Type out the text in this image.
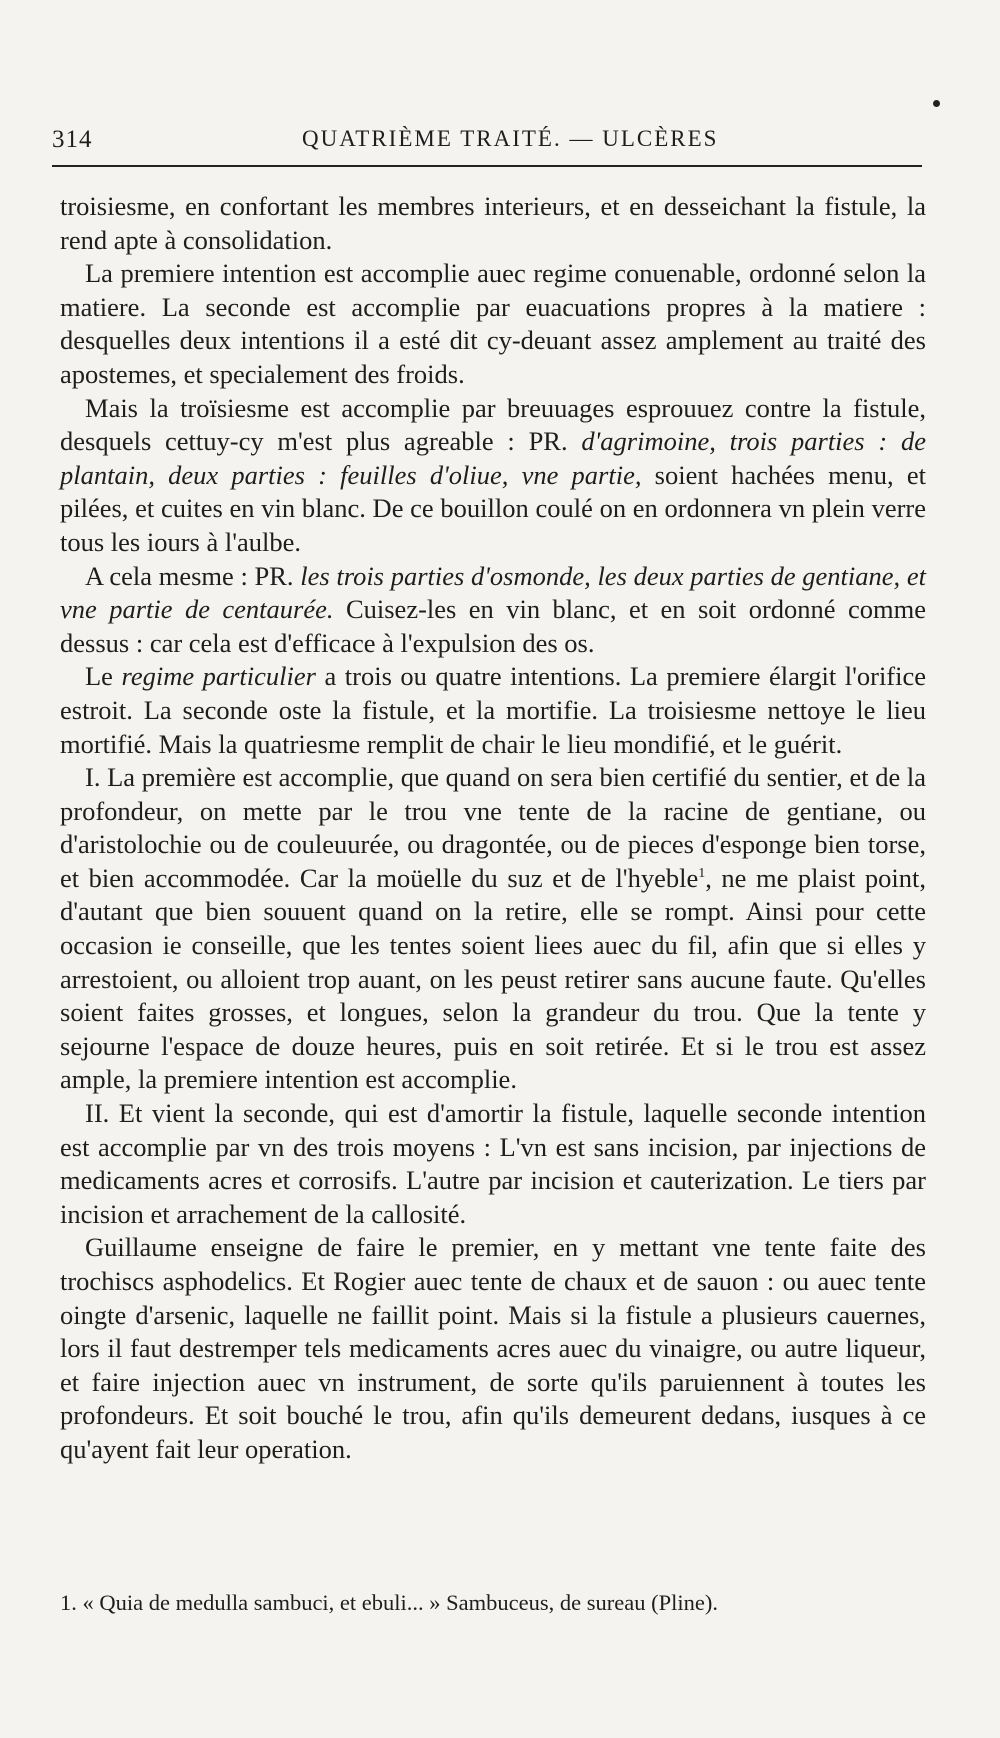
314	QUATRIÈME TRAITÉ. — ULCÈRES

troisiesme, en confortant les membres interieurs, et en desseichant la fistule, la rend apte à consolidation.

La premiere intention est accomplie auec regime conuenable, ordonné selon la matiere. La seconde est accomplie par euacuations propres à la matiere : desquelles deux intentions il a esté dit cy-deuant assez amplement au traité des apostemes, et specialement des froids.

Mais la troïsiesme est accomplie par breuuages esprouuez contre la fistule, desquels cettuy-cy m'est plus agreable : PR. d'agrimoine, trois parties : de plantain, deux parties : feuilles d'oliue, vne partie, soient hachées menu, et pilées, et cuites en vin blanc. De ce bouillon coulé on en ordonnera vn plein verre tous les iours à l'aulbe.

A cela mesme : PR. les trois parties d'osmonde, les deux parties de gentiane, et vne partie de centaurée. Cuisez-les en vin blanc, et en soit ordonné comme dessus : car cela est d'efficace à l'expulsion des os.

Le regime particulier a trois ou quatre intentions. La premiere élargit l'orifice estroit. La seconde oste la fistule, et la mortifie. La troisiesme nettoye le lieu mortifié. Mais la quatriesme remplit de chair le lieu mondifié, et le guérit.

I. La première est accomplie, que quand on sera bien certifié du sentier, et de la profondeur, on mette par le trou vne tente de la racine de gentiane, ou d'aristolochie ou de couleuurée, ou dragontée, ou de pieces d'esponge bien torse, et bien accommodée. Car la moüelle du suz et de l'hyeble$^1$, ne me plaist point, d'autant que bien souuent quand on la retire, elle se rompt. Ainsi pour cette occasion ie conseille, que les tentes soient liees auec du fil, afin que si elles y arrestoient, ou alloient trop auant, on les peust retirer sans aucune faute. Qu'elles soient faites grosses, et longues, selon la grandeur du trou. Que la tente y sejourne l'espace de douze heures, puis en soit retirée. Et si le trou est assez ample, la premiere intention est accomplie.

II. Et vient la seconde, qui est d'amortir la fistule, laquelle seconde intention est accomplie par vn des trois moyens : L'vn est sans incision, par injections de medicaments acres et corrosifs. L'autre par incision et cauterization. Le tiers par incision et arrachement de la callosité.

Guillaume enseigne de faire le premier, en y mettant vne tente faite des trochiscs asphodelics. Et Rogier auec tente de chaux et de sauon : ou auec tente oingte d'arsenic, laquelle ne faillit point. Mais si la fistule a plusieurs cauernes, lors il faut destremper tels medicaments acres auec du vinaigre, ou autre liqueur, et faire injection auec vn instrument, de sorte qu'ils paruiennent à toutes les profondeurs. Et soit bouché le trou, afin qu'ils demeurent dedans, iusques à ce qu'ayent fait leur operation.

1. « Quia de medulla sambuci, et ebuli... » Sambuceus, de sureau (Pline).
